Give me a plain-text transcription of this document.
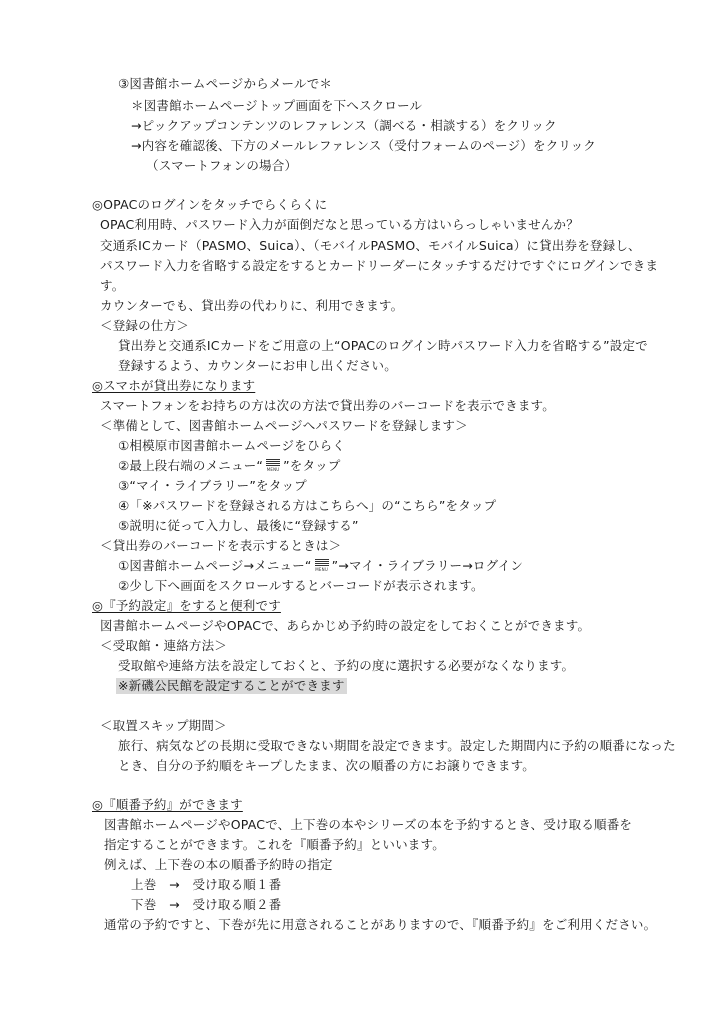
③図書館ホームページからメールで＊
＊図書館ホームページトップ画面を下へスクロール
→ピックアップコンテンツのレファレンス（調べる・相談する）をクリック
→内容を確認後、下方のメールレファレンス（受付フォームのページ）をクリック
（スマートフォンの場合）
◎OPACのログインをタッチでらくらくに
OPAC利用時、パスワード入力が面倒だなと思っている方はいらっしゃいませんか？
交通系ICカード（PASMO、Suica）、（モバイルPASMO、モバイルSuica）に貸出券を登録し、
パスワード入力を省略する設定をするとカードリーダーにタッチするだけですぐにログインできま
す。
カウンターでも、貸出券の代わりに、利用できます。
＜登録の仕方＞
貸出券と交通系ICカードをご用意の上“OPACのログイン時パスワード入力を省略する”設定で
登録するよう、カウンターにお申し出ください。
◎スマホが貸出券になります
スマートフォンをお持ちの方は次の方法で貸出券のバーコードを表示できます。
＜準備として、図書館ホームページへパスワードを登録します＞
①相模原市図書館ホームページをひらく
②最上段右端のメニュー“ MENU ”をタップ
③“マイ・ライブラリー”をタップ
④「※パスワードを登録される方はこちらへ」の“こちら”をタップ
⑤説明に従って入力し、最後に“登録する”
＜貸出券のバーコードを表示するときは＞
①図書館ホームページ→メニュー“ MENU ”→マイ・ライブラリー→ログイン
②少し下へ画面をスクロールするとバーコードが表示されます。
◎『予約設定』をすると便利です
図書館ホームページやOPACで、あらかじめ予約時の設定をしておくことができます。
＜受取館・連絡方法＞
受取館や連絡方法を設定しておくと、予約の度に選択する必要がなくなります。
※新磯公民館を設定することができます
＜取置スキップ期間＞
旅行、病気などの長期に受取できない期間を設定できます。設定した期間内に予約の順番になった
とき、自分の予約順をキープしたまま、次の順番の方にお譲りできます。
◎『順番予約』ができます
図書館ホームページやOPACで、上下巻の本やシリーズの本を予約するとき、受け取る順番を
指定することができます。これを『順番予約』といいます。
例えば、上下巻の本の順番予約時の指定
上巻　→　受け取る順１番
下巻　→　受け取る順２番
通常の予約ですと、下巻が先に用意されることがありますので、『順番予約』をご利用ください。
